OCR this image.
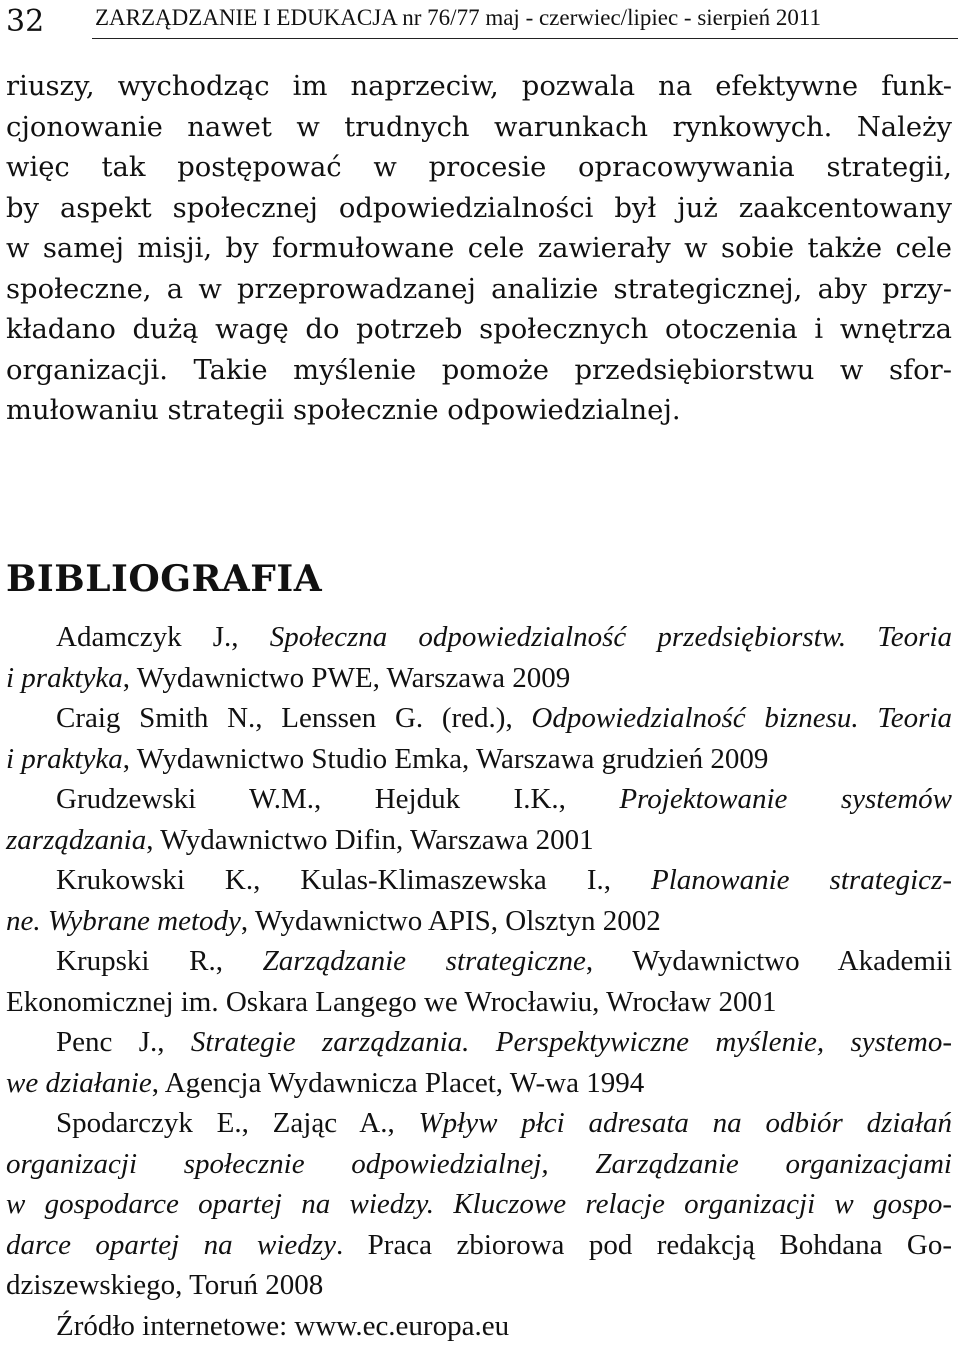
32 ZARZĄDZANIE I EDUKACJA nr 76/77 maj - czerwiec/lipiec - sierpień 2011
riuszy, wychodząc im naprzeciw, pozwala na efektywne funk-
cjonowanie nawet w trudnych warunkach rynkowych. Należy
więc tak postępować w procesie opracowywania strategii,
by aspekt społecznej odpowiedzialności był już zaakcentowany
w samej misji, by formułowane cele zawierały w sobie także cele
społeczne, a w przeprowadzanej analizie strategicznej, aby przy-
kładano dużą wagę do potrzeb społecznych otoczenia i wnętrza
organizacji. Takie myślenie pomoże przedsiębiorstwu w sfor-
mułowaniu strategii społecznie odpowiedzialnej.
BIBLIOGRAFIA
Adamczyk J., Społeczna odpowiedzialność przedsiębiorstw. Teoria
i praktyka, Wydawnictwo PWE, Warszawa 2009
Craig Smith N., Lenssen G. (red.), Odpowiedzialność biznesu. Teoria
i praktyka, Wydawnictwo Studio Emka, Warszawa grudzień 2009
Grudzewski W.M., Hejduk I.K., Projektowanie systemów
zarządzania, Wydawnictwo Difin, Warszawa 2001
Krukowski K., Kulas-Klimaszewska I., Planowanie strategicz-
ne. Wybrane metody, Wydawnictwo APIS, Olsztyn 2002
Krupski R., Zarządzanie strategiczne, Wydawnictwo Akademii
Ekonomicznej im. Oskara Langego we Wrocławiu, Wrocław 2001
Penc J., Strategie zarządzania. Perspektywiczne myślenie, systemo-
we działanie, Agencja Wydawnicza Placet, W-wa 1994
Spodarczyk E., Zając A., Wpływ płci adresata na odbiór działań
organizacji społecznie odpowiedzialnej, Zarządzanie organizacjami
w gospodarce opartej na wiedzy. Kluczowe relacje organizacji w gospo-
darce opartej na wiedzy. Praca zbiorowa pod redakcją Bohdana Go-
dziszewskiego, Toruń 2008
Źródło internetowe: www.ec.europa.eu
